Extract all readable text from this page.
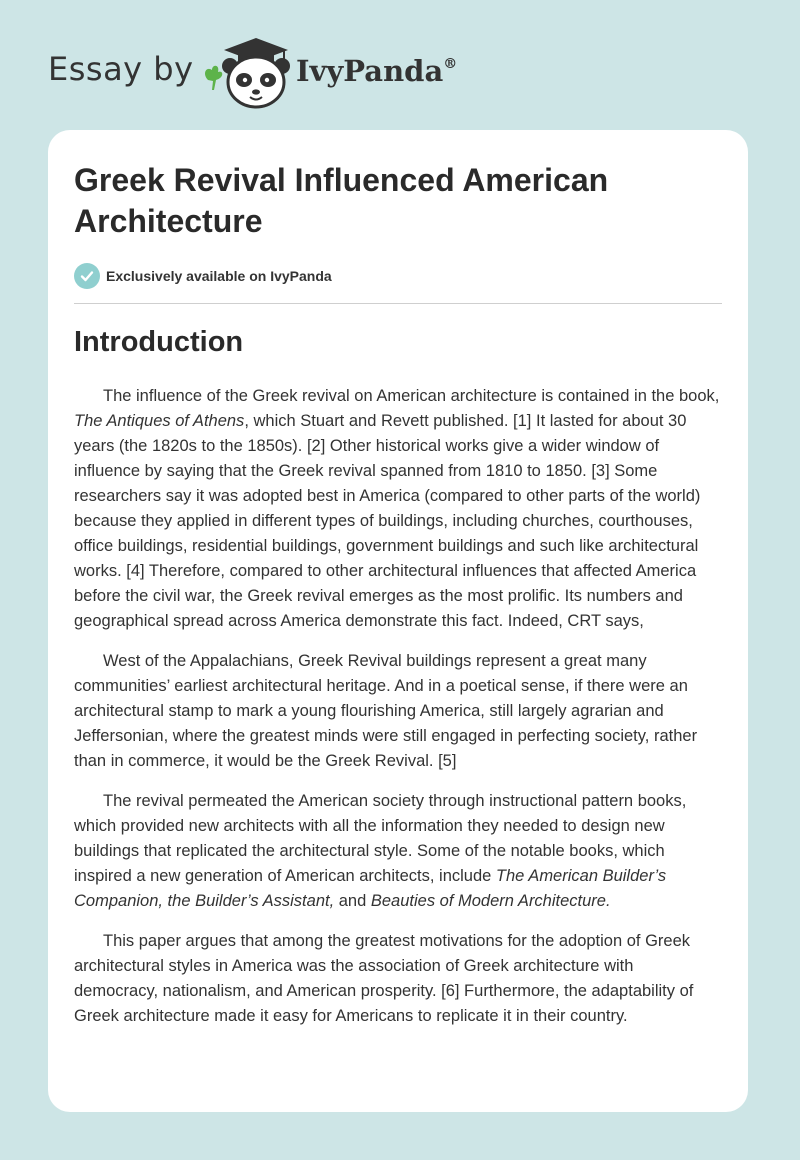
Essay by	IvyPanda®
Greek Revival Influenced American Architecture
Exclusively available on IvyPanda
Introduction

The influence of the Greek revival on American architecture is contained in the book, The Antiques of Athens, which Stuart and Revett published. [1] It lasted for about 30 years (the 1820s to the 1850s). [2] Other historical works give a wider window of influence by saying that the Greek revival spanned from 1810 to 1850. [3] Some researchers say it was adopted best in America (compared to other parts of the world) because they applied in different types of buildings, including churches, courthouses, office buildings, residential buildings, government buildings and such like architectural works. [4] Therefore, compared to other architectural influences that affected America before the civil war, the Greek revival emerges as the most prolific. Its numbers and geographical spread across America demonstrate this fact. Indeed, CRT says,

West of the Appalachians, Greek Revival buildings represent a great many communities’ earliest architectural heritage. And in a poetical sense, if there were an architectural stamp to mark a young flourishing America, still largely agrarian and Jeffersonian, where the greatest minds were still engaged in perfecting society, rather than in commerce, it would be the Greek Revival. [5]

The revival permeated the American society through instructional pattern books, which provided new architects with all the information they needed to design new buildings that replicated the architectural style. Some of the notable books, which inspired a new generation of American architects, include The American Builder’s Companion, the Builder’s Assistant, and Beauties of Modern Architecture.

This paper argues that among the greatest motivations for the adoption of Greek architectural styles in America was the association of Greek architecture with democracy, nationalism, and American prosperity. [6] Furthermore, the adaptability of Greek architecture made it easy for Americans to replicate it in their country.
